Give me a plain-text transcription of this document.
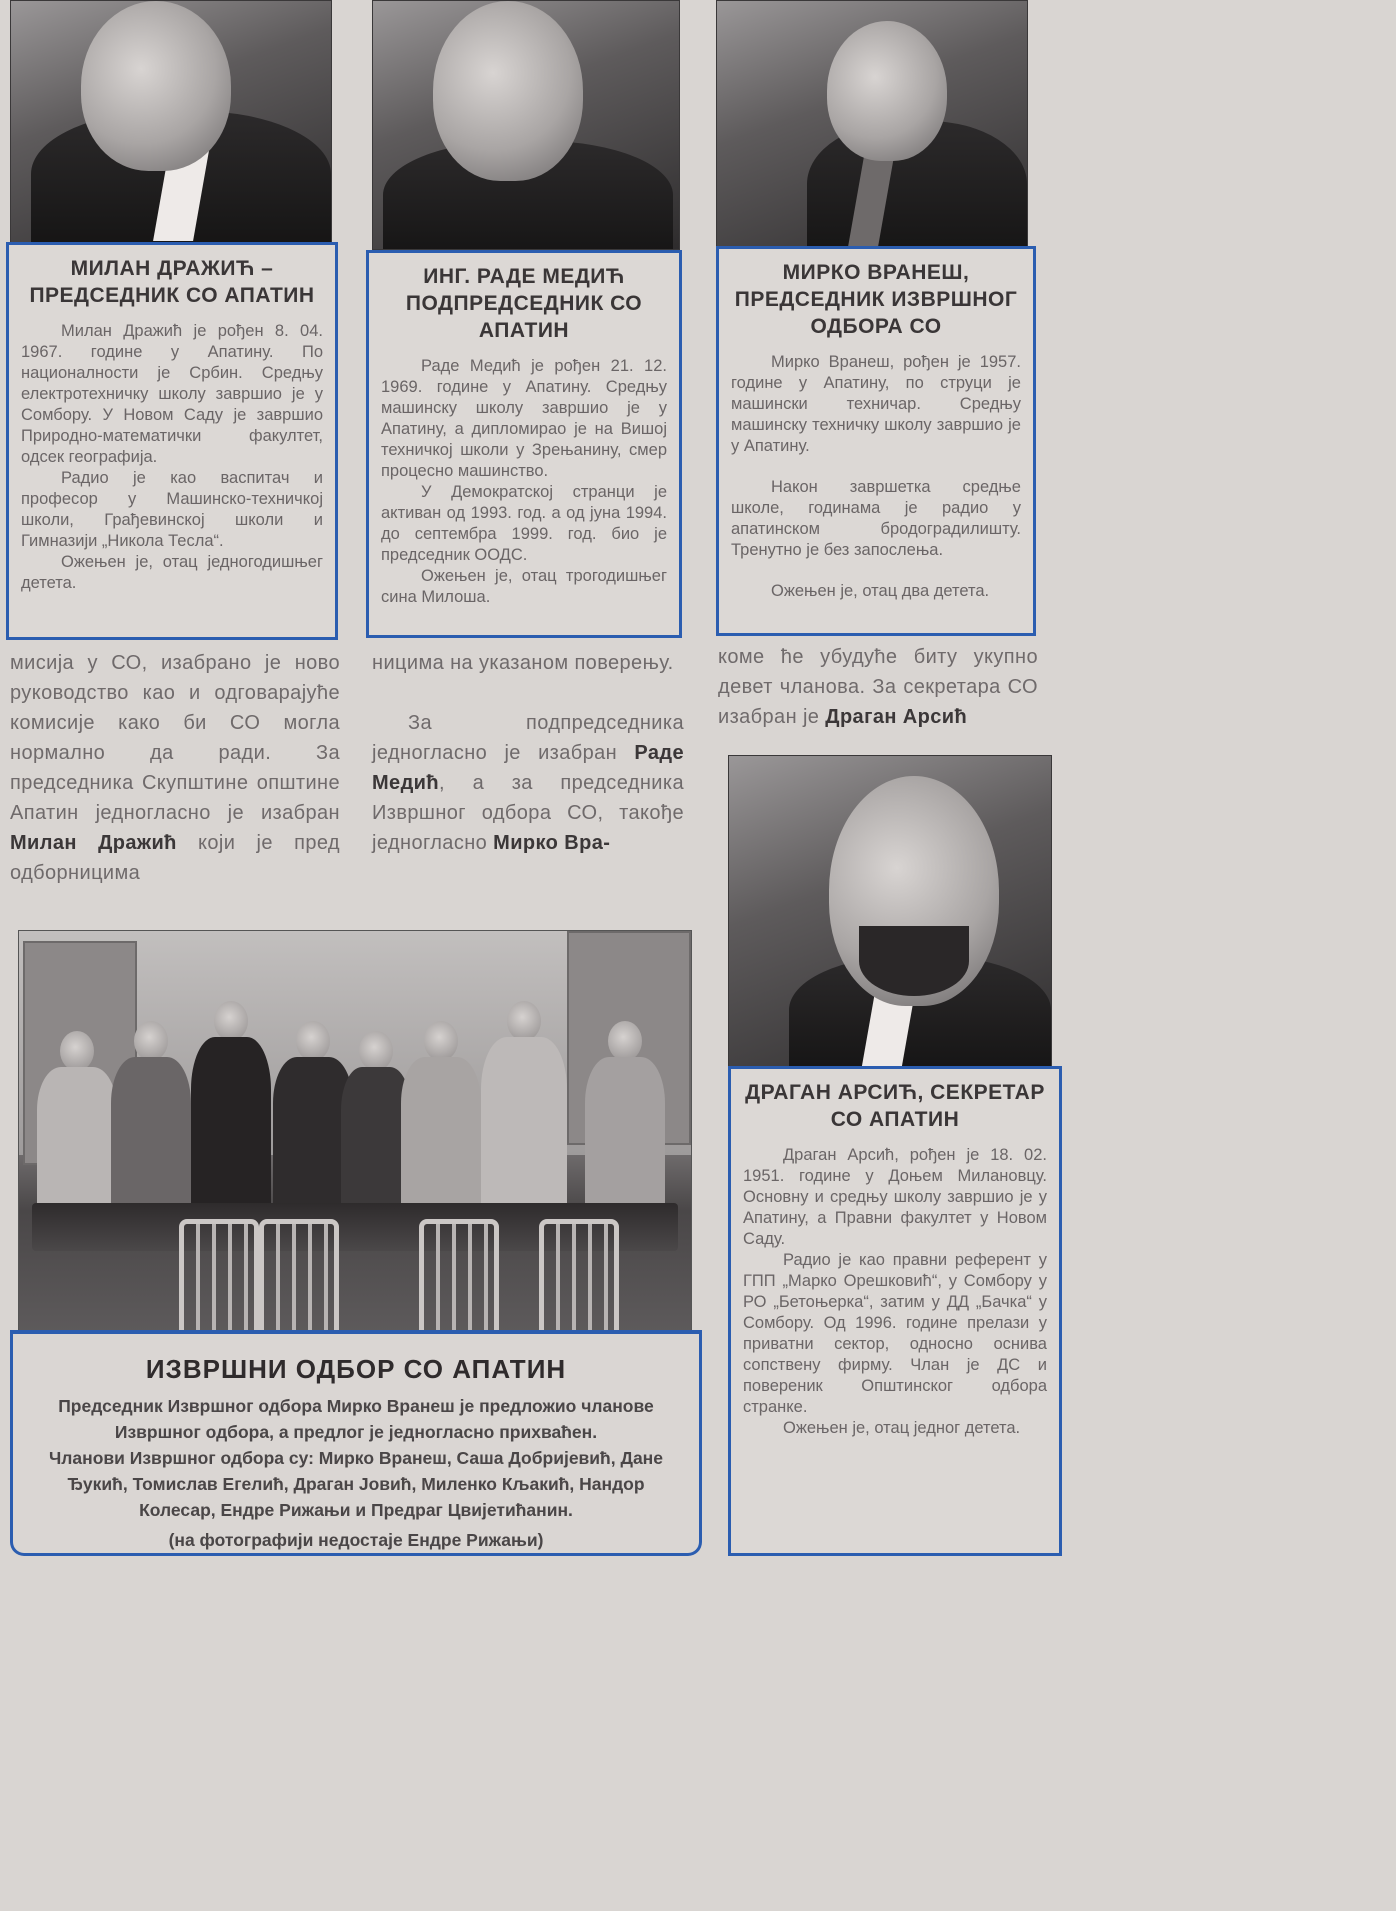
МИЛАН ДРАЖИЋ – ПРЕДСЕДНИК СО АПАТИН

Милан Дражић је рођен 8. 04. 1967. године у Апатину. По националности је Србин. Средњу електротехничку школу завршио је у Сомбору. У Новом Саду је завршио Природно-математички факултет, одсек географија.

Радио је као васпитач и професор у Машинско-техничкој школи, Грађевинској школи и Гимназији „Никола Тесла“.

Ожењен је, отац једногодишњег детета.

ИНГ. РАДЕ МЕДИЋ ПОДПРЕДСЕДНИК СО АПАТИН

Раде Медић је рођен 21. 12. 1969. године у Апатину. Средњу машинску школу завршио је у Апатину, а дипломирао је на Вишој техничкој школи у Зрењанину, смер процесно машинство.

У Демократској странци је активан од 1993. год. а од јуна 1994. до септембра 1999. год. био је председник ООДС.

Ожењен је, отац трогодишњег сина Милоша.

МИРКО ВРАНЕШ, ПРЕДСЕДНИК ИЗВРШНОГ ОДБОРА СО

Мирко Вранеш, рођен је 1957. године у Апатину, по струци је машински техничар. Средњу машинску техничку школу завршио је у Апатину.

Након завршетка средње школе, годинама је радио у апатинском бродоградилишту. Тренутно је без запослења.

Ожењен је, отац два детета.

ДРАГАН АРСИЋ, СЕКРЕТАР СО АПАТИН

Драган Арсић, рођен је 18. 02. 1951. године у Доњем Милановцу. Основну и средњу школу завршио је у Апатину, а Правни факултет у Новом Саду.

Радио је као правни референт у ГПП „Марко Орешковић“, у Сомбору у РО „Бетоњерка“, затим у ДД „Бачка“ у Сомбору. Од 1996. године прелази у приватни сектор, односно оснива сопствену фирму. Члан је ДС и повереник Општинског одбора странке.

Ожењен је, отац једног детета.

мисија у СО, изабрано је ново руководство као и одговарајуће комисије како би СО могла нормално да ради. За председника Скупштине општине Апатин једногласно је изабран Милан Дражић који је пред одборницима
ницима на указаном поверењу.
За подпредседника једногласно је изабран Раде Медић, а за председника Извршног одбора СО, такође једногласно Мирко Вра-
коме ће убудуће биту укупно девет чланова. За секретара СО изабран је Драган Арсић
ИЗВРШНИ ОДБОР СО АПАТИН

Председник Извршног одбора Мирко Вранеш је предложио чланове Извршног одбора, а предлог је једногласно прихваћен.

Чланови Извршног одбора су: Мирко Вранеш, Саша Добријевић, Дане Ђукић, Томислав Егелић, Драган Јовић, Миленко Кљакић, Нандор Колесар, Ендре Рижањи и Предраг Цвијетићанин.

(на фотографији недостаје Ендре Рижањи)
